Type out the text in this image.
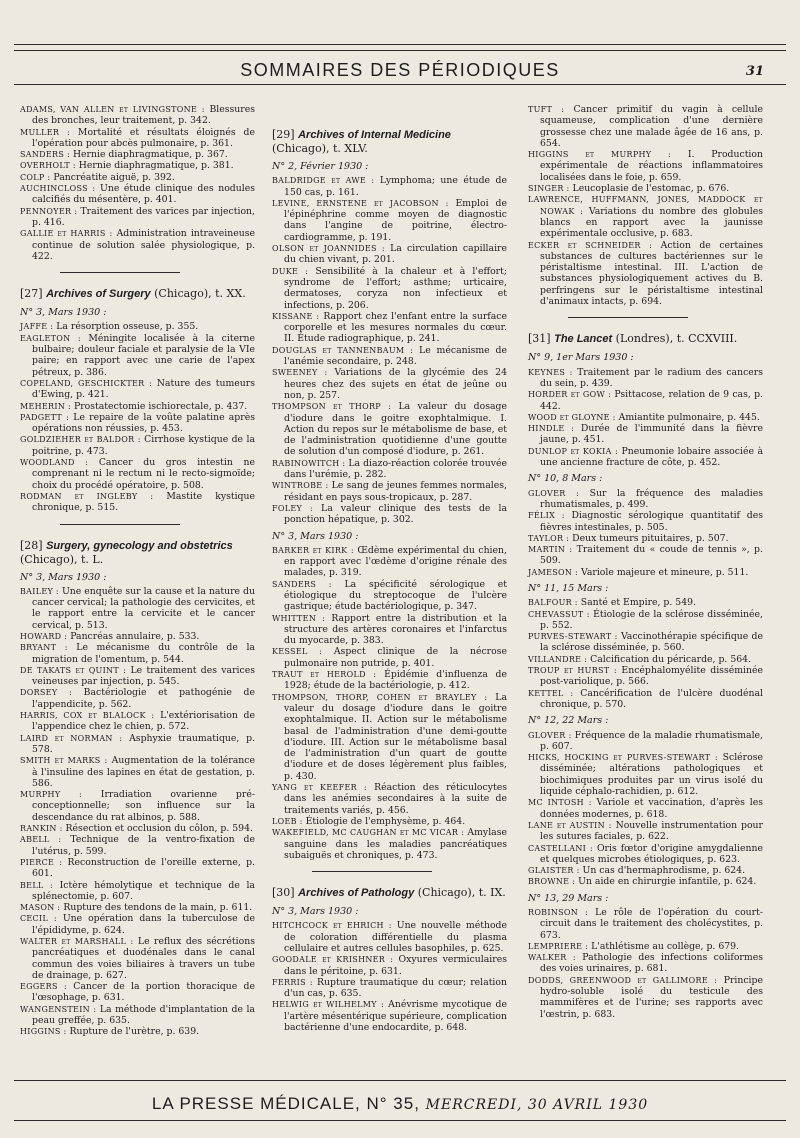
SOMMAIRES DES PÉRIODIQUES	31
ADAMS, VAN ALLEN et LIVINGSTONE : Blessures des bronches, leur traitement, p. 342.
MULLER : Mortalité et résultats éloignés de l'opération pour abcès pulmonaire, p. 361.
SANDERS : Hernie diaphragmatique, p. 367.
OVERHOLT : Hernie diaphragmatique, p. 381.
COLP : Pancréatite aiguë, p. 392.
AUCHINCLOSS : Une étude clinique des nodules calcifiés du mésentère, p. 401.
PENNOYER : Traitement des varices par injection, p. 416.
GALLIE et HARRIS : Administration intraveineuse continue de solution salée physiologique, p. 422.
[27] Archives of Surgery (Chicago), t. XX.
N° 3, Mars 1930 :
JAFFE : La résorption osseuse, p. 355.
EAGLETON : Méningite localisée à la citerne bulbaire; douleur faciale et paralysie de la VIe paire; en rapport avec une carie de l'apex pétreux, p. 386.
COPELAND, GESCHICKTER : Nature des tumeurs d'Ewing, p. 421.
MEHERIN : Prostatectomie ischiorectale, p. 437.
PADGETT : Le repaire de la voûte palatine après opérations non réussies, p. 453.
GOLDZIEHER et BALDOR : Cirrhose kystique de la poitrine, p. 473.
WOODLAND : Cancer du gros intestin ne comprenant ni le rectum ni le recto-sigmoïde; choix du procédé opératoire, p. 508.
RODMAN et INGLEBY : Mastite kystique chronique, p. 515.
[28] Surgery, gynecology and obstetrics (Chicago), t. L.
N° 3, Mars 1930 :
BAILEY : Une enquête sur la cause et la nature du cancer cervical; la pathologie des cervicites, et le rapport entre la cervicite et le cancer cervical, p. 513.
HOWARD : Pancréas annulaire, p. 533.
BRYANT : Le mécanisme du contrôle de la migration de l'omentum, p. 544.
DE TAKATS et QUINT : Le traitement des varices veineuses par injection, p. 545.
DORSEY : Bactériologie et pathogénie de l'appendicite, p. 562.
HARRIS, COX et BLALOCK : L'extériorisation de l'appendice chez le chien, p. 572.
LAIRD et NORMAN : Asphyxie traumatique, p. 578.
SMITH et MARKS : Augmentation de la tolérance à l'insuline des lapines en état de gestation, p. 586.
MURPHY : Irradiation ovarienne pré-conceptionnelle; son influence sur la descendance du rat albinos, p. 588.
RANKIN : Résection et occlusion du côlon, p. 594.
ABELL : Technique de la ventro-fixation de l'utérus, p. 599.
PIERCE : Reconstruction de l'oreille externe, p. 601.
BELL : Ictère hémolytique et technique de la splénectomie, p. 607.
MASON : Rupture des tendons de la main, p. 611.
CECIL : Une opération dans la tuberculose de l'épididyme, p. 624.
WALTER et MARSHALL : Le reflux des sécrétions pancréatiques et duodénales dans le canal commun des voies biliaires à travers un tube de drainage, p. 627.
EGGERS : Cancer de la portion thoracique de l'œsophage, p. 631.
WANGENSTEIN : La méthode d'implantation de la peau greffée, p. 635.
HIGGINS : Rupture de l'urètre, p. 639.
[29] Archives of Internal Medicine (Chicago), t. XLV.
N° 2, Février 1930 :
BALDRIDGE et AWE : Lymphoma; une étude de 150 cas, p. 161.
LEVINE, ERNSTENE et JACOBSON : Emploi de l'épinéphrine comme moyen de diagnostic dans l'angine de poitrine, électro-cardiogramme, p. 191.
OLSON et JOANNIDES : La circulation capillaire du chien vivant, p. 201.
DUKE : Sensibilité à la chaleur et à l'effort; syndrome de l'effort; asthme; urticaire, dermatoses, coryza non infectieux et infections, p. 206.
KISSANE : Rapport chez l'enfant entre la surface corporelle et les mesures normales du cœur. II. Étude radiographique, p. 241.
DOUGLAS et TANNENBAUM : Le mécanisme de l'anémie secondaire, p. 248.
SWEENEY : Variations de la glycémie des 24 heures chez des sujets en état de jeûne ou non, p. 257.
THOMPSON et THORP : La valeur du dosage d'iodure dans le goitre exophtalmique. I. Action du repos sur le métabolisme de base, et de l'administration quotidienne d'une goutte de solution d'un composé d'iodure, p. 261.
RABINOWITCH : La diazo-réaction colorée trouvée dans l'urémie, p. 282.
WINTROBE : Le sang de jeunes femmes normales, résidant en pays sous-tropicaux, p. 287.
FOLEY : La valeur clinique des tests de la ponction hépatique, p. 302.
N° 3, Mars 1930 :
BARKER et KIRK : Œdème expérimental du chien, en rapport avec l'œdème d'origine rénale des malades, p. 319.
SANDERS : La spécificité sérologique et étiologique du streptocoque de l'ulcère gastrique; étude bactériologique, p. 347.
WHITTEN : Rapport entre la distribution et la structure des artères coronaires et l'infarctus du myocarde, p. 383.
KESSEL : Aspect clinique de la nécrose pulmonaire non putride, p. 401.
TRAUT et HEROLD : Épidémie d'influenza de 1928; étude de la bactériologie, p. 412.
THOMPSON, THORP, COHEN et BRAYLEY : La valeur du dosage d'iodure dans le goitre exophtalmique. II. Action sur le métabolisme basal de l'administration d'une demi-goutte d'iodure. III. Action sur le métabolisme basal de l'administration d'un quart de goutte d'iodure et de doses légèrement plus faibles, p. 430.
YANG et KEEFER : Réaction des réticulocytes dans les anémies secondaires à la suite de traitements variés, p. 456.
LOEB : Étiologie de l'emphysème, p. 464.
WAKEFIELD, MC CAUGHAN et MC VICAR : Amylase sanguine dans les maladies pancréatiques subaiguës et chroniques, p. 473.
[30] Archives of Pathology (Chicago), t. IX.
N° 3, Mars 1930 :
HITCHCOCK et EHRICH : Une nouvelle méthode de coloration différentielle du plasma cellulaire et autres cellules basophiles, p. 625.
GOODALE et KRISHNER : Oxyures vermiculaires dans le péritoine, p. 631.
FERRIS : Rupture traumatique du cœur; relation d'un cas, p. 635.
HELWIG et WILHELMY : Anévrisme mycotique de l'artère mésentérique supérieure, complication bactérienne d'une endocardite, p. 648.
TUFT : Cancer primitif du vagin à cellule squameuse, complication d'une dernière grossesse chez une malade âgée de 16 ans, p. 654.
HIGGINS et MURPHY : I. Production expérimentale de réactions inflammatoires localisées dans le foie, p. 659.
SINGER : Leucoplasie de l'estomac, p. 676.
LAWRENCE, HUFFMANN, JONES, MADDOCK et NOWAK : Variations du nombre des globules blancs en rapport avec la jaunisse expérimentale occlusive, p. 683.
ECKER et SCHNEIDER : Action de certaines substances de cultures bactériennes sur le péristaltisme intestinal. III. L'action de substances physiologiquement actives du B. perfringens sur le péristaltisme intestinal d'animaux intacts, p. 694.
[31] The Lancet (Londres), t. CCXVIII.
N° 9, 1er Mars 1930 :
KEYNES : Traitement par le radium des cancers du sein, p. 439.
HORDER et GOW : Psittacose, relation de 9 cas, p. 442.
WOOD et GLOYNE : Amiantite pulmonaire, p. 445.
HINDLE : Durée de l'immunité dans la fièvre jaune, p. 451.
DUNLOP et KOKIA : Pneumonie lobaire associée à une ancienne fracture de côte, p. 452.
N° 10, 8 Mars :
GLOVER : Sur la fréquence des maladies rhumatismales, p. 499.
FÉLIX : Diagnostic sérologique quantitatif des fièvres intestinales, p. 505.
TAYLOR : Deux tumeurs pituitaires, p. 507.
MARTIN : Traitement du « coude de tennis », p. 509.
JAMESON : Variole majeure et mineure, p. 511.
N° 11, 15 Mars :
BALFOUR : Santé et Empire, p. 549.
CHEVASSUT : Étiologie de la sclérose disséminée, p. 552.
PURVES-STEWART : Vaccinothérapie spécifique de la sclérose disséminée, p. 560.
VILLANDRE : Calcification du péricarde, p. 564.
TROUP et HURST : Encéphalomyélite disséminée post-variolique, p. 566.
KETTEL : Cancérification de l'ulcère duodénal chronique, p. 570.
N° 12, 22 Mars :
GLOVER : Fréquence de la maladie rhumatismale, p. 607.
HICKS, HOCKING et PURVES-STEWART : Sclérose disséminée; altérations pathologiques et biochimiques produites par un virus isolé du liquide céphalo-rachidien, p. 612.
MC INTOSH : Variole et vaccination, d'après les données modernes, p. 618.
LANE et AUSTIN : Nouvelle instrumentation pour les sutures faciales, p. 622.
CASTELLANI : Oris fœtor d'origine amygdalienne et quelques microbes étiologiques, p. 623.
GLAISTER : Un cas d'hermaphrodisme, p. 624.
BROWNE : Un aide en chirurgie infantile, p. 624.
N° 13, 29 Mars :
ROBINSON : Le rôle de l'opération du court-circuit dans le traitement des cholécystites, p. 673.
LEMPRIERE : L'athlétisme au collège, p. 679.
WALKER : Pathologie des infections coliformes des voies urinaires, p. 681.
DODDS, GREENWOOD et GALLIMORE : Principe hydro-soluble isolé du testicule des mammifères et de l'urine; ses rapports avec l'œstrin, p. 683.
LA PRESSE MÉDICALE, N° 35, MERCREDI, 30 AVRIL 1930
